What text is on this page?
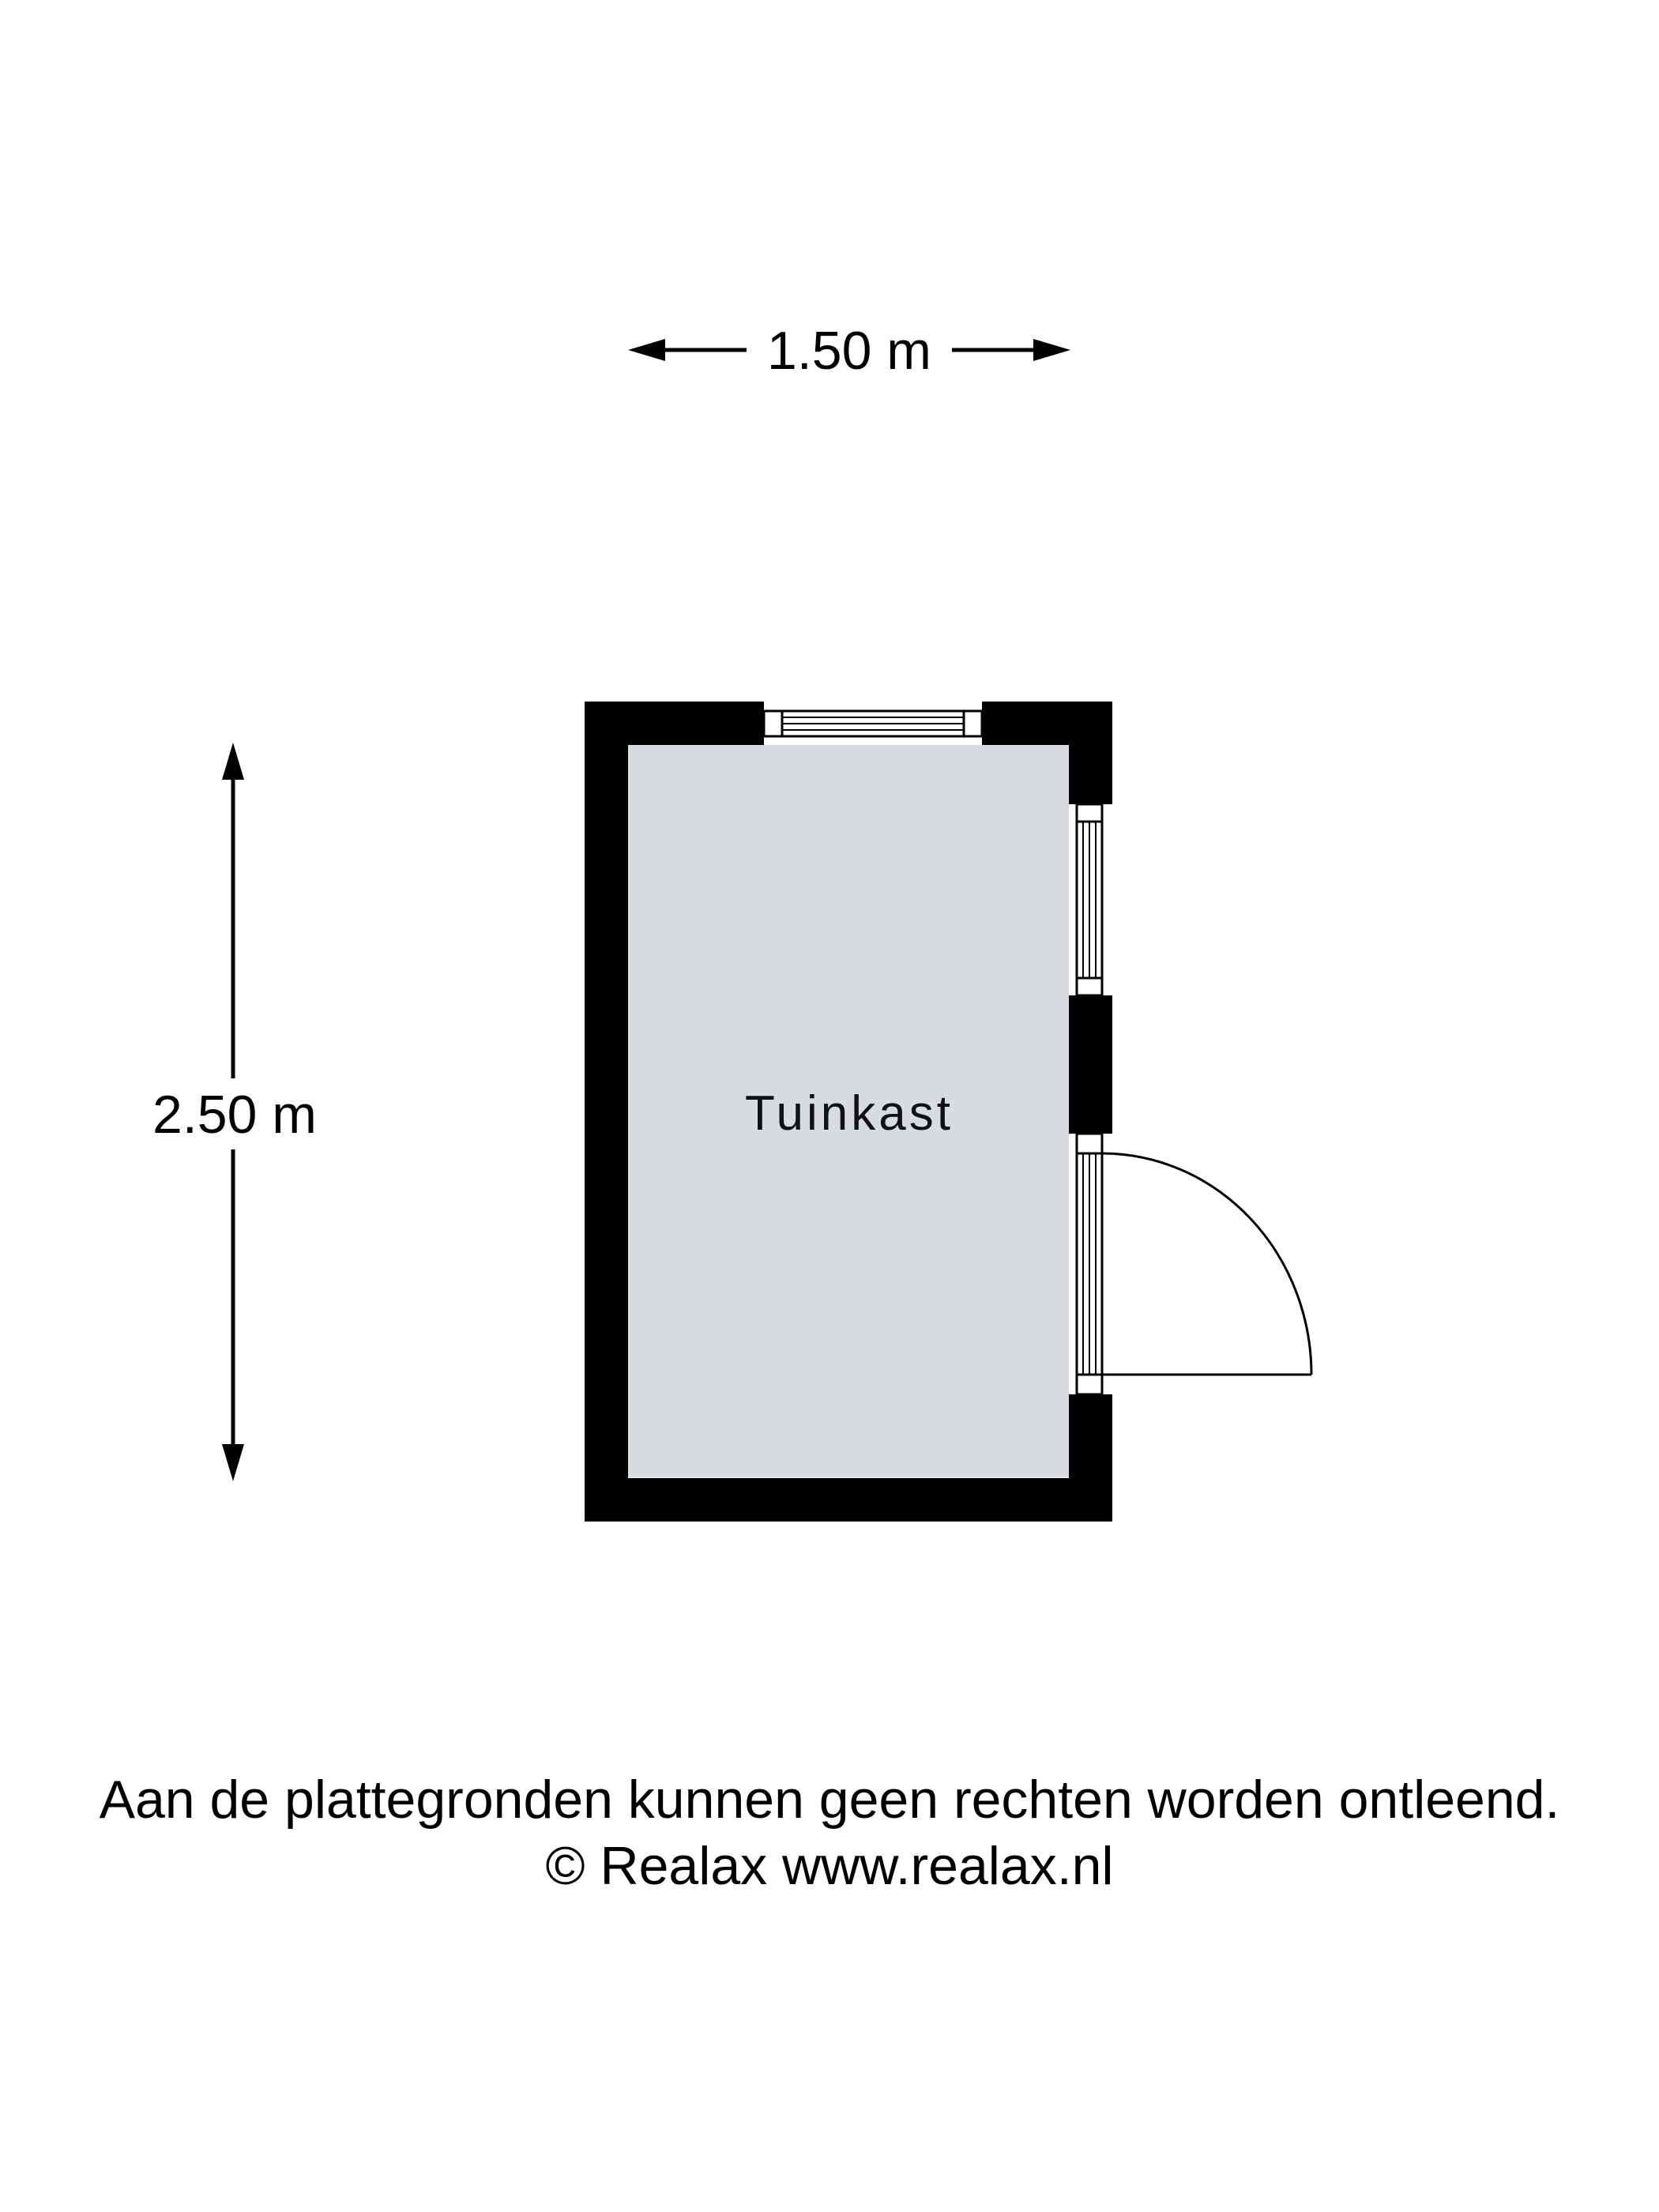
1.50 m
2.50 m	Tuinkast
Aan de plattegronden kunnen geen rechten worden ontleend.
© Realax www.realax.nl
